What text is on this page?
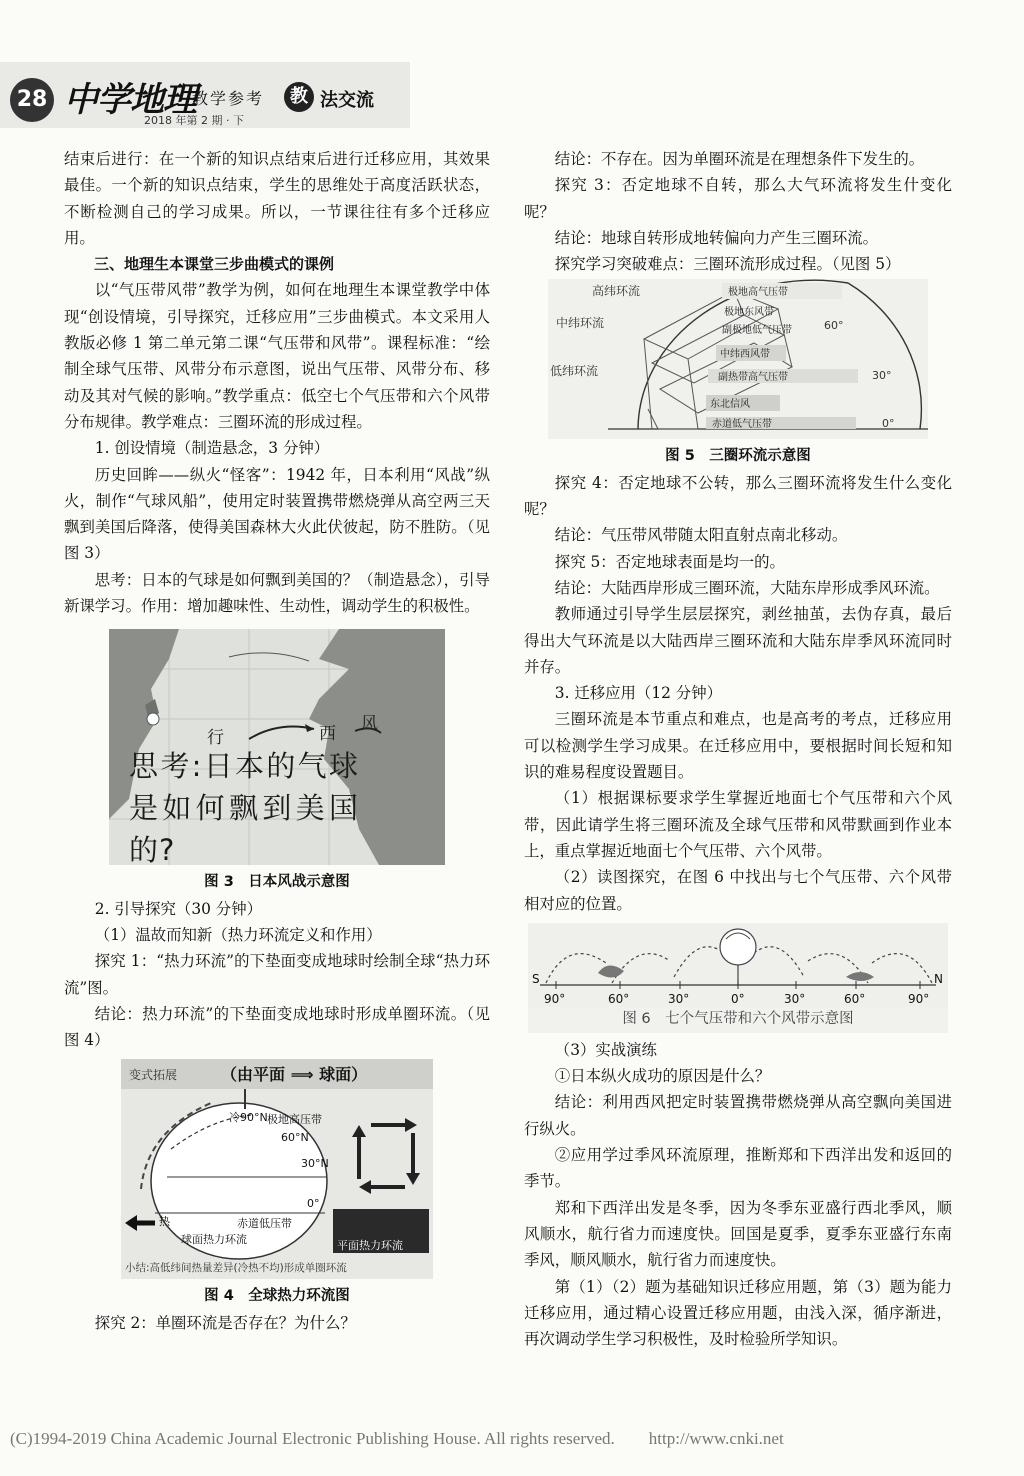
28 中学地理
教学参考
2018 年第 2 期 · 下
教 法交流

结束后进行：在一个新的知识点结束后进行迁移应用，其效果最佳。一个新的知识点结束，学生的思维处于高度活跃状态，不断检测自己的学习成果。所以，一节课往往有多个迁移应用。

三、地理生本课堂三步曲模式的课例

以“气压带风带”教学为例，如何在地理生本课堂教学中体现“创设情境，引导探究，迁移应用”三步曲模式。本文采用人教版必修 1 第二单元第二课“气压带和风带”。课程标准：“绘制全球气压带、风带分布示意图，说出气压带、风带分布、移动及其对气候的影响。”教学重点：低空七个气压带和六个风带分布规律。教学难点：三圈环流的形成过程。

1. 创设情境（制造悬念，3 分钟）

历史回眸——纵火“怪客”：1942 年，日本利用“风战”纵火，制作“气球风船”，使用定时装置携带燃烧弹从高空两三天飘到美国后降落，使得美国森林大火此伏彼起，防不胜防。（见图 3）

思考：日本的气球是如何飘到美国的？（制造悬念），引导新课学习。作用：增加趣味性、生动性，调动学生的积极性。

行	西 风
思考:日本的气球是如何飘到美国的?

图 3　日本风战示意图

2. 引导探究（30 分钟）

（1）温故而知新（热力环流定义和作用）

探究 1：“热力环流”的下垫面变成地球时绘制全球“热力环流”图。

结论：热力环流”的下垫面变成地球时形成单圈环流。（见图 4）

变式拓展	（由平面 ⟹ 球面）
冷90°N 极地高压带
60°N
30°N
0°
热	赤道低压带
球面热力环流	平面热力环流
小结:高低纬间热量差异(冷热不均)形成单圈环流

图 4　全球热力环流图

探究 2：单圈环流是否存在？为什么？

结论：不存在。因为单圈环流是在理想条件下发生的。

探究 3：否定地球不自转，那么大气环流将发生什变化呢？

结论：地球自转形成地转偏向力产生三圈环流。

探究学习突破难点：三圈环流形成过程。（见图 5）

高纬环流
中纬环流
低纬环流
极地高气压带
极地东风带
副极地低气压带
中纬西风带
副热带高气压带
东北信风
赤道低气压带
60°
30°
0°

图 5　三圈环流示意图

探究 4：否定地球不公转，那么三圈环流将发生什么变化呢？

结论：气压带风带随太阳直射点南北移动。

探究 5：否定地球表面是均一的。

结论：大陆西岸形成三圈环流，大陆东岸形成季风环流。

教师通过引导学生层层探究，剥丝抽茧，去伪存真，最后得出大气环流是以大陆西岸三圈环流和大陆东岸季风环流同时并存。

3. 迁移应用（12 分钟）

三圈环流是本节重点和难点，也是高考的考点，迁移应用可以检测学生学习成果。在迁移应用中，要根据时间长短和知识的难易程度设置题目。

（1）根据课标要求学生掌握近地面七个气压带和六个风带，因此请学生将三圈环流及全球气压带和风带默画到作业本上，重点掌握近地面七个气压带、六个风带。

（2）读图探究，在图 6 中找出与七个气压带、六个风带相对应的位置。

S	N
90°	60°	30°	0°	30°	60°	90°
图 6　七个气压带和六个风带示意图

（3）实战演练

①日本纵火成功的原因是什么？

结论：利用西风把定时装置携带燃烧弹从高空飘向美国进行纵火。

②应用学过季风环流原理，推断郑和下西洋出发和返回的季节。

郑和下西洋出发是冬季，因为冬季东亚盛行西北季风，顺风顺水，航行省力而速度快。回国是夏季，夏季东亚盛行东南季风，顺风顺水，航行省力而速度快。

第（1）（2）题为基础知识迁移应用题，第（3）题为能力迁移应用，通过精心设置迁移应用题，由浅入深，循序渐进，再次调动学生学习积极性，及时检验所学知识。

(C)1994-2019 China Academic Journal Electronic Publishing House. All rights reserved.　　http://www.cnki.net
